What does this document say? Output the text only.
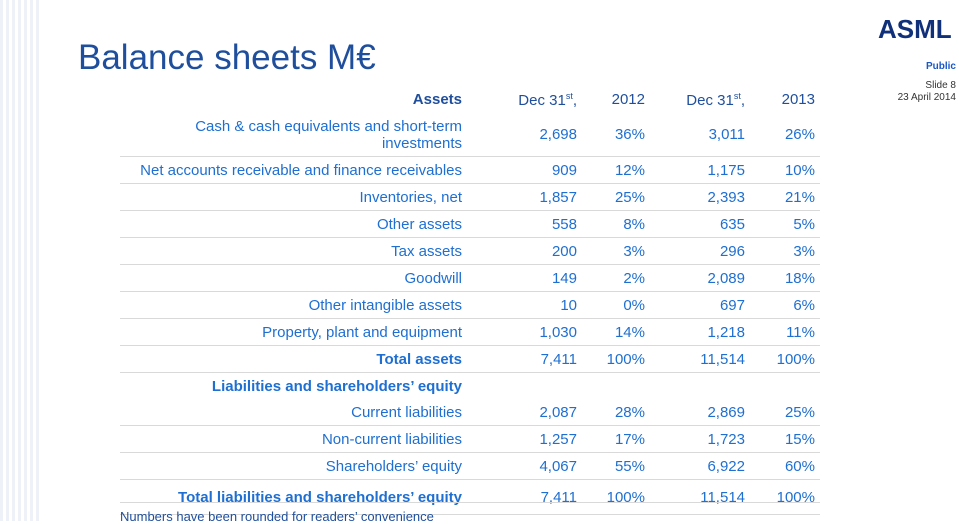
Balance sheets M€
ASML
Public
Slide 8
23 April 2014
Assets	Dec 31st,	2012	Dec 31st,	2013
Cash & cash equivalents and short-term investments	2,698	36%	3,011	26%
Net accounts receivable and finance receivables	909	12%	1,175	10%
Inventories, net	1,857	25%	2,393	21%
Other assets	558	8%	635	5%
Tax assets	200	3%	296	3%
Goodwill	149	2%	2,089	18%
Other intangible assets	10	0%	697	6%
Property, plant and equipment	1,030	14%	1,218	11%
Total assets	7,411	100%	11,514	100%
Liabilities and shareholders’ equity
Current liabilities	2,087	28%	2,869	25%
Non-current liabilities	1,257	17%	1,723	15%
Shareholders’ equity	4,067	55%	6,922	60%
Total liabilities and shareholders’ equity	7,411	100%	11,514	100%
Numbers have been rounded for readers’ convenience
